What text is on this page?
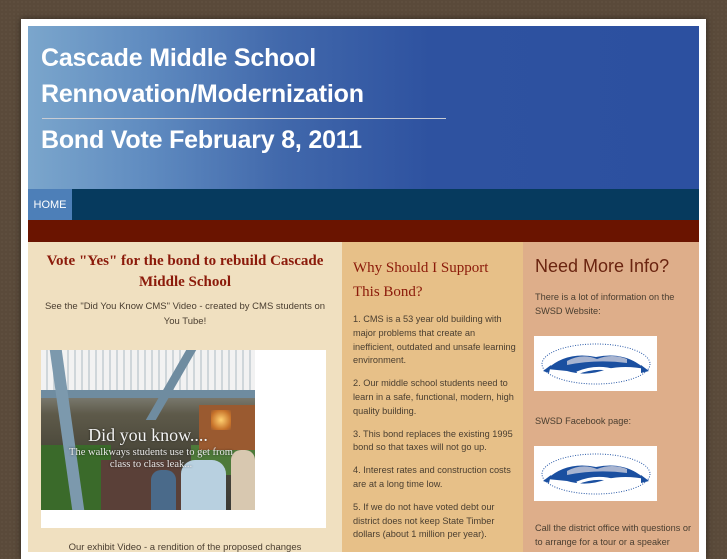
Cascade Middle School
Rennovation/Modernization
Bond Vote February 8, 2011
HOME
Vote "Yes" for the bond to rebuild Cascade Middle School
See the "Did You Know CMS" Video - created by CMS students on You Tube!
Did you know....
The walkways students use to get from class to class leak...
Our exhibit Video - a rendition of the proposed changes
Why Should I Support This Bond?
1. CMS is a 53 year old building with major problems that create an inefficient, outdated and unsafe learning environment.
2. Our middle school students need to learn in a safe, functional, modern, high quality building.
3. This bond replaces the existing 1995 bond so that taxes will not go up.
4. Interest rates and construction costs are at a long time low.
5. If we do not have voted debt our district does not keep State Timber dollars (about 1 million per year).
Need More Info?
There is a lot of information on the SWSD Website:
SWSD Facebook page:
Call the district office with questions or to arrange for a tour or a speaker
